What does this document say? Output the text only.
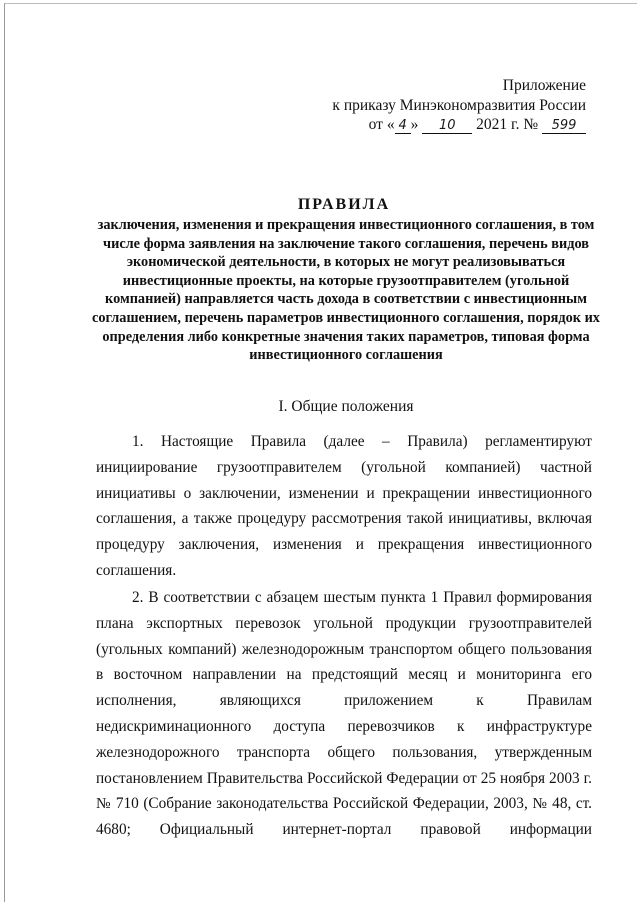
Приложение
к приказу Минэкономразвития России
от « 4 » 10 2021 г. № 599
ПРАВИЛА
заключения, изменения и прекращения инвестиционного соглашения, в том числе форма заявления на заключение такого соглашения, перечень видов экономической деятельности, в которых не могут реализовываться инвестиционные проекты, на которые грузоотправителем (угольной компанией) направляется часть дохода в соответствии с инвестиционным соглашением, перечень параметров инвестиционного соглашения, порядок их определения либо конкретные значения таких параметров, типовая форма инвестиционного соглашения
I. Общие положения
1. Настоящие Правила (далее – Правила) регламентируют инициирование грузоотправителем (угольной компанией) частной инициативы о заключении, изменении и прекращении инвестиционного соглашения, а также процедуру рассмотрения такой инициативы, включая процедуру заключения, изменения и прекращения инвестиционного соглашения.
2. В соответствии с абзацем шестым пункта 1 Правил формирования плана экспортных перевозок угольной продукции грузоотправителей (угольных компаний) железнодорожным транспортом общего пользования в восточном направлении на предстоящий месяц и мониторинга его исполнения, являющихся приложением к Правилам недискриминационного доступа перевозчиков к инфраструктуре железнодорожного транспорта общего пользования, утвержденным постановлением Правительства Российской Федерации от 25 ноября 2003 г. № 710 (Собрание законодательства Российской Федерации, 2003, № 48, ст. 4680; Официальный интернет-портал правовой информации
